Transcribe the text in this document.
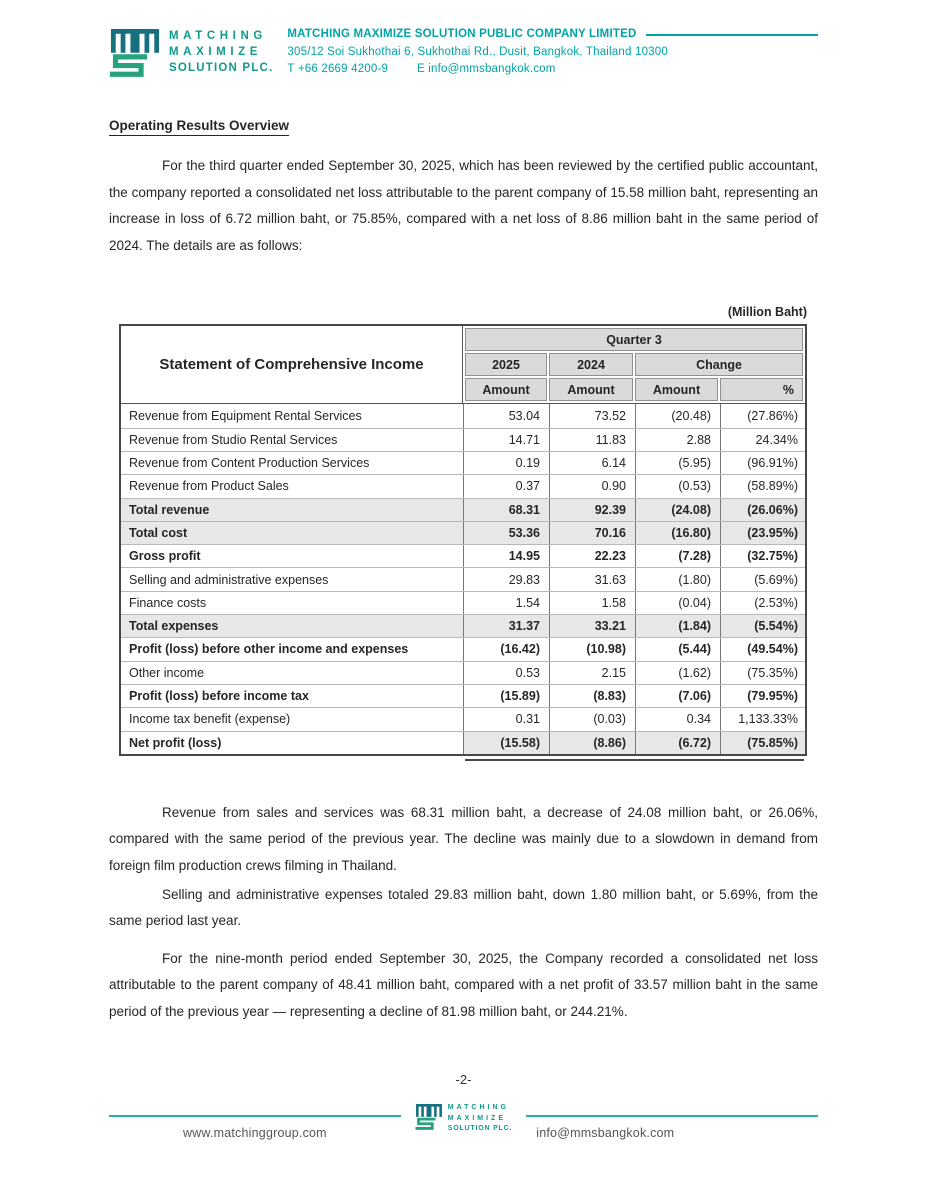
MATCHING
MAXIMIZE
SOLUTION PLC.
MATCHING MAXIMIZE SOLUTION PUBLIC COMPANY LIMITED
305/12 Soi Sukhothai 6, Sukhothai Rd., Dusit, Bangkok, Thailand 10300
T +66 2669 4200-9	E info@mmsbangkok.com
Operating Results Overview

For the third quarter ended September 30, 2025, which has been reviewed by the certified public accountant, the company reported a consolidated net loss attributable to the parent company of 15.58 million baht, representing an increase in loss of 6.72 million baht, or 75.85%, compared with a net loss of 8.86 million baht in the same period of 2024. The details are as follows:

(Million Baht)
Statement of Comprehensive Income
Quarter 3
2025	2024	Change
Amount	Amount	Amount	%
Revenue from Equipment Rental Services	53.04	73.52	(20.48)	(27.86%)
Revenue from Studio Rental Services	14.71	11.83	2.88	24.34%
Revenue from Content Production Services	0.19	6.14	(5.95)	(96.91%)
Revenue from Product Sales	0.37	0.90	(0.53)	(58.89%)
Total revenue	68.31	92.39	(24.08)	(26.06%)
Total cost	53.36	70.16	(16.80)	(23.95%)
Gross profit	14.95	22.23	(7.28)	(32.75%)
Selling and administrative expenses	29.83	31.63	(1.80)	(5.69%)
Finance costs	1.54	1.58	(0.04)	(2.53%)
Total expenses	31.37	33.21	(1.84)	(5.54%)
Profit (loss) before other income and expenses	(16.42)	(10.98)	(5.44)	(49.54%)
Other income	0.53	2.15	(1.62)	(75.35%)
Profit (loss) before income tax	(15.89)	(8.83)	(7.06)	(79.95%)
Income tax benefit (expense)	0.31	(0.03)	0.34	1,133.33%
Net profit (loss)	(15.58)	(8.86)	(6.72)	(75.85%)

Revenue from sales and services was 68.31 million baht, a decrease of 24.08 million baht, or 26.06%, compared with the same period of the previous year. The decline was mainly due to a slowdown in demand from foreign film production crews filming in Thailand.

Selling and administrative expenses totaled 29.83 million baht, down 1.80 million baht, or 5.69%, from the same period last year.

For the nine-month period ended September 30, 2025, the Company recorded a consolidated net loss attributable to the parent company of 48.41 million baht, compared with a net profit of 33.57 million baht in the same period of the previous year — representing a decline of 81.98 million baht, or 244.21%.

-2-
www.matchinggroup.com
MATCHING
MAXIMIZE
SOLUTION PLC.	info@mmsbangkok.com
